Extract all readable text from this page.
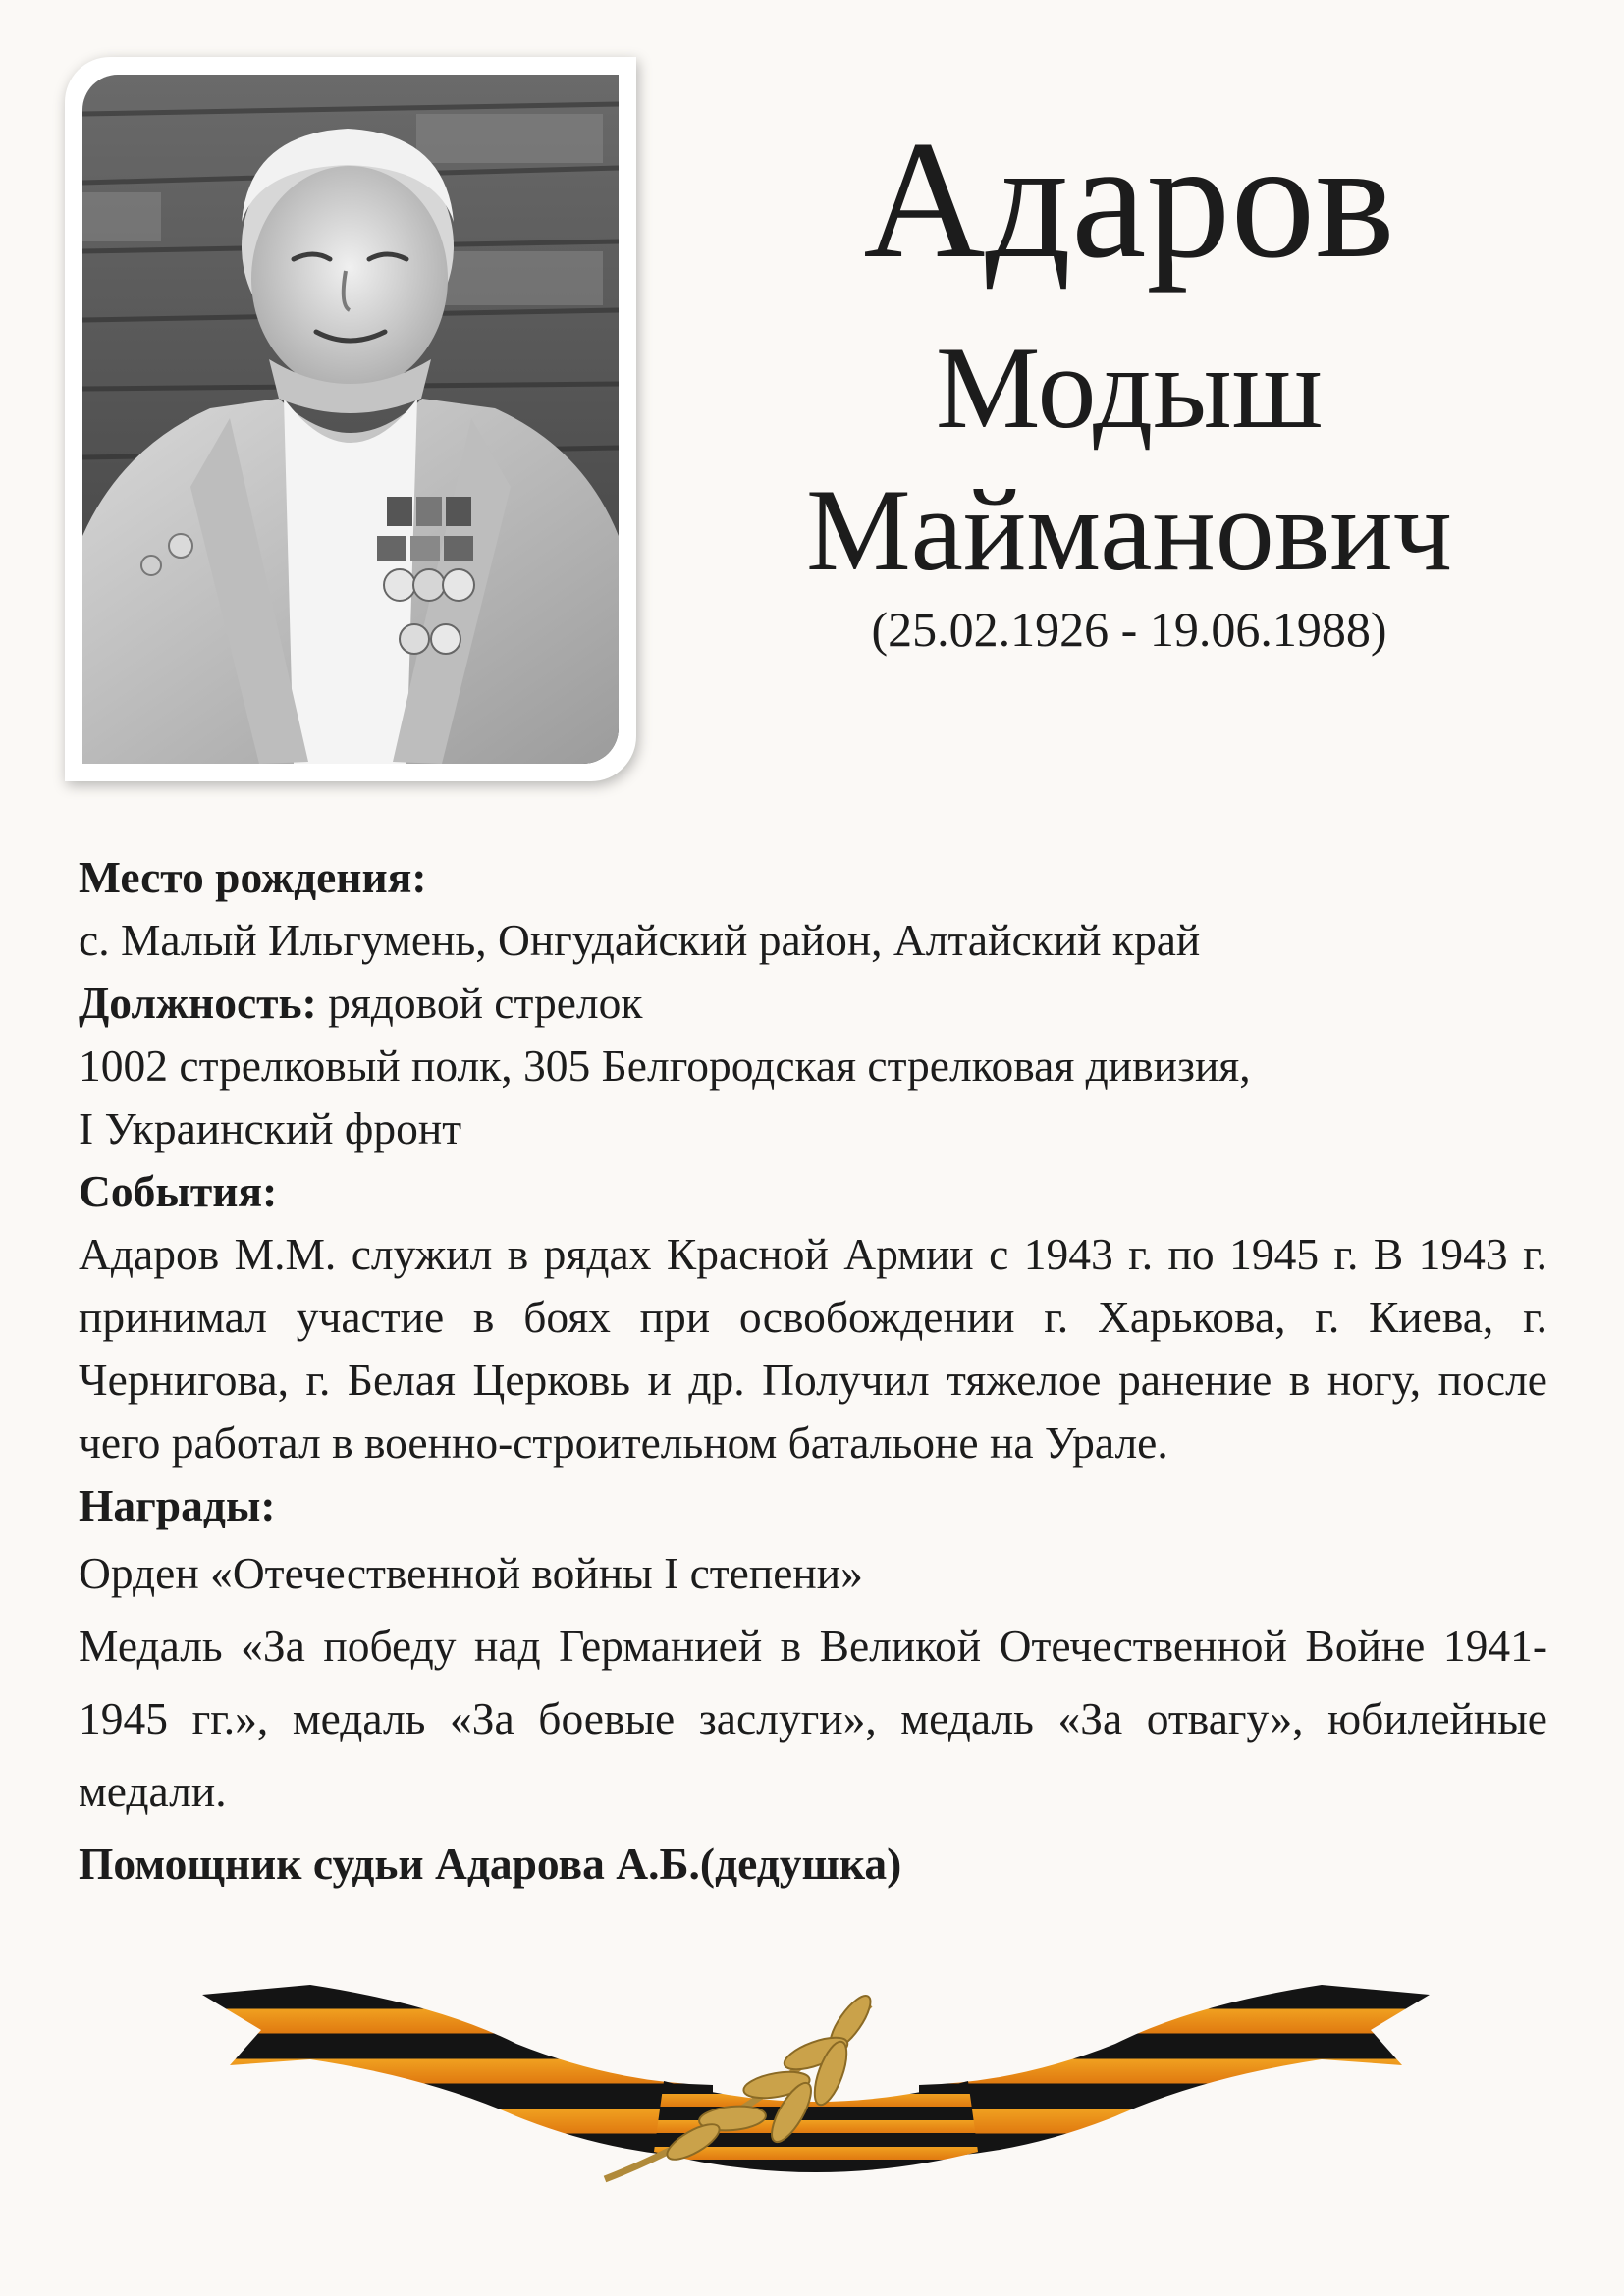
Адаров
Модыш
Майманович
(25.02.1926 - 19.06.1988)

Место рождения:

с. Малый Ильгумень, Онгудайский район, Алтайский край

Должность: рядовой стрелок

1002 стрелковый полк, 305 Белгородская стрелковая дивизия,

I Украинский фронт

События:

Адаров М.М. служил в рядах Красной Армии с 1943 г. по 1945 г. В 1943 г. принимал участие в боях при освобождении г. Харькова, г. Киева, г. Чернигова, г. Белая Церковь и др. Получил тяжелое ранение в ногу, после чего работал в военно-строительном батальоне на Урале.

Награды:

Орден «Отечественной войны I степени»

Медаль «За победу над Германией в Великой Отечественной Войне 1941-1945 гг.», медаль «За боевые заслуги», медаль «За отвагу», юбилейные медали.

Помощник судьи Адарова А.Б.(дедушка)
